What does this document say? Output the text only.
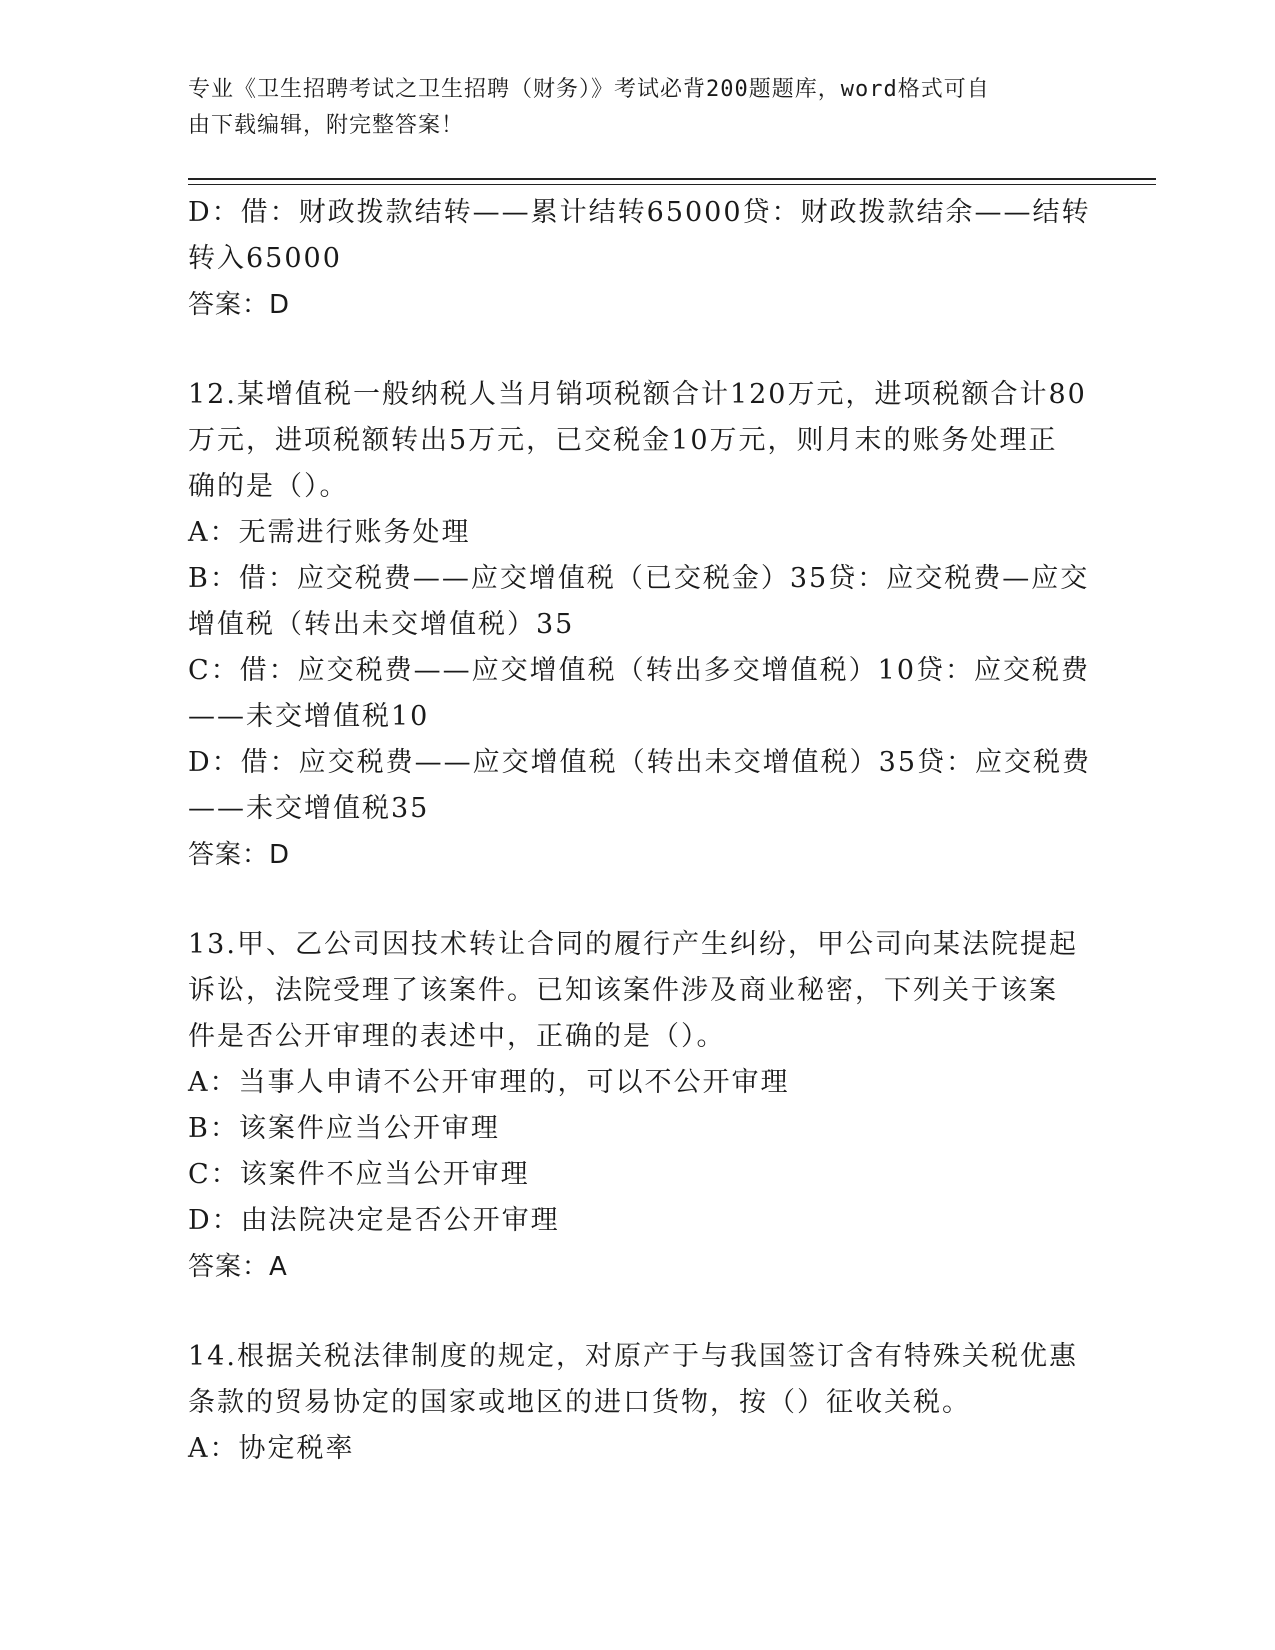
专业《卫生招聘考试之卫生招聘（财务）》考试必背200题题库，word格式可自
由下载编辑，附完整答案！
D：借：财政拨款结转——累计结转65000贷：财政拨款结余——结转
转入65000
答案：D
12.某增值税一般纳税人当月销项税额合计120万元，进项税额合计80
万元，进项税额转出5万元，已交税金10万元，则月末的账务处理正
确的是（）。
A：无需进行账务处理
B：借：应交税费——应交增值税（已交税金）35贷：应交税费—应交
增值税（转出未交增值税）35
C：借：应交税费——应交增值税（转出多交增值税）10贷：应交税费
——未交增值税10
D：借：应交税费——应交增值税（转出未交增值税）35贷：应交税费
——未交增值税35
答案：D
13.甲、乙公司因技术转让合同的履行产生纠纷，甲公司向某法院提起
诉讼，法院受理了该案件。已知该案件涉及商业秘密，下列关于该案
件是否公开审理的表述中，正确的是（）。
A：当事人申请不公开审理的，可以不公开审理
B：该案件应当公开审理
C：该案件不应当公开审理
D：由法院决定是否公开审理
答案：A
14.根据关税法律制度的规定，对原产于与我国签订含有特殊关税优惠
条款的贸易协定的国家或地区的进口货物，按（）征收关税。
A：协定税率
